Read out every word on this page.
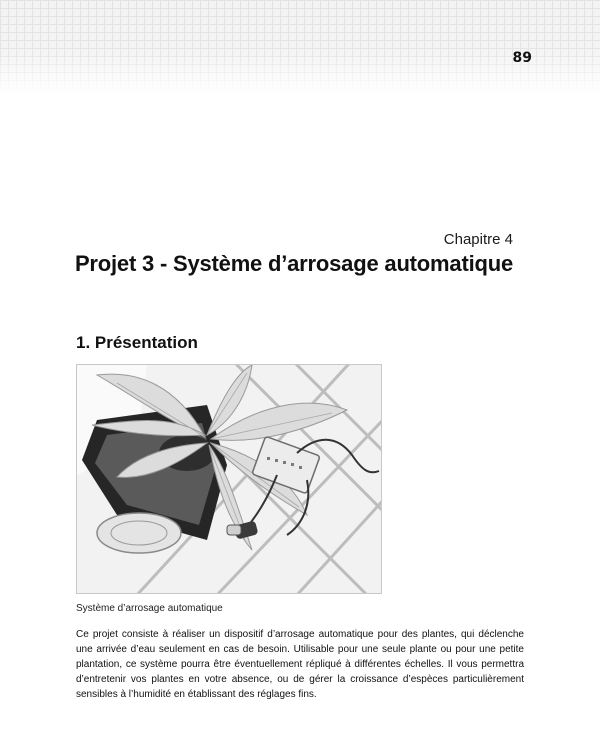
89
Chapitre 4
Projet 3 - Système d’arrosage automatique
1. Présentation
Système d’arrosage automatique

Ce projet consiste à réaliser un dispositif d’arrosage automatique pour des plantes, qui déclenche une arrivée d’eau seulement en cas de besoin. Utilisable pour une seule plante ou pour une petite plantation, ce système pourra être éventuellement répliqué à différentes échelles. Il vous permettra d’entretenir vos plantes en votre absence, ou de gérer la croissance d’espèces particulièrement sensibles à l’humidité en établissant des réglages fins.
